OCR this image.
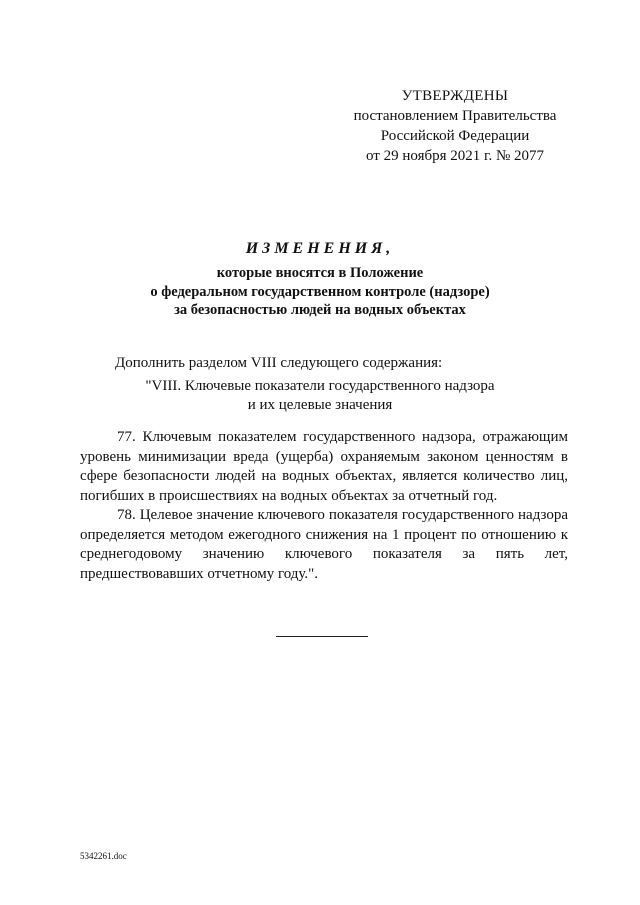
УТВЕРЖДЕНЫ
постановлением Правительства
Российской Федерации
от 29 ноября 2021 г. № 2077
ИЗМЕНЕНИЯ,
которые вносятся в Положение
о федеральном государственном контроле (надзоре)
за безопасностью людей на водных объектах
Дополнить разделом VIII следующего содержания:
"VIII. Ключевые показатели государственного надзора
и их целевые значения

77. Ключевым показателем государственного надзора, отражающим уровень минимизации вреда (ущерба) охраняемым законом ценностям в сфере безопасности людей на водных объектах, является количество лиц, погибших в происшествиях на водных объектах за отчетный год.

78. Целевое значение ключевого показателя государственного надзора определяется методом ежегодного снижения на 1 процент по отношению к среднегодовому значению ключевого показателя за пять лет, предшествовавших отчетному году.".

5342261.doc
